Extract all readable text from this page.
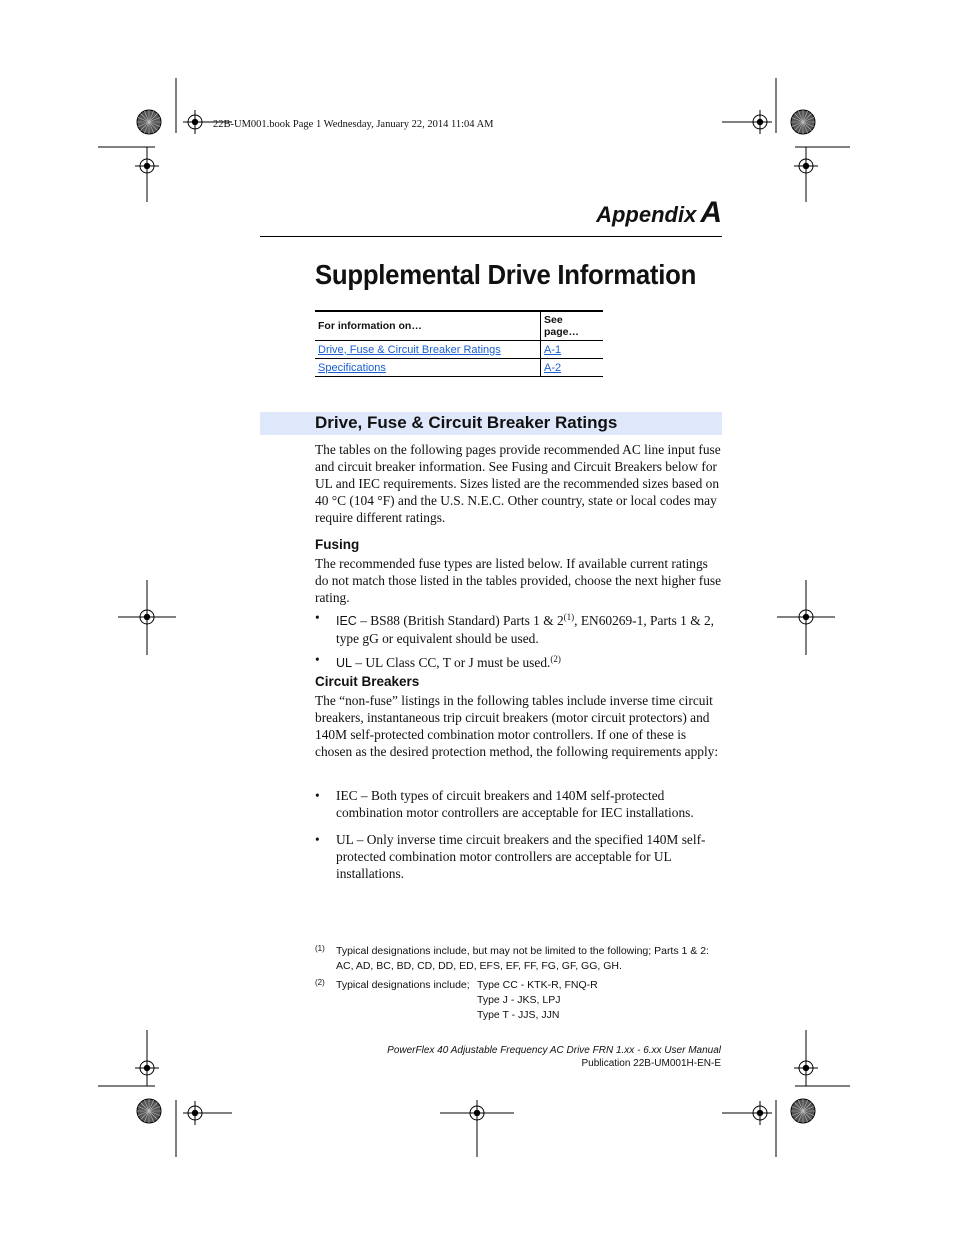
22B-UM001.book Page 1 Wednesday, January 22, 2014 11:04 AM
Appendix A
Supplemental Drive Information
For information on…	See page…
Drive, Fuse & Circuit Breaker Ratings	A-1
Specifications	A-2
Drive, Fuse & Circuit Breaker Ratings
The tables on the following pages provide recommended AC line input fuse and circuit breaker information. See Fusing and Circuit Breakers below for UL and IEC requirements. Sizes listed are the recommended sizes based on 40 °C (104 °F) and the U.S. N.E.C. Other country, state or local codes may require different ratings.
Fusing
The recommended fuse types are listed below. If available current ratings do not match those listed in the tables provided, choose the next higher fuse rating.
• IEC – BS88 (British Standard) Parts 1 & 2$^{(1)}$, EN60269-1, Parts 1 & 2, type gG or equivalent should be used.
• UL – UL Class CC, T or J must be used.$^{(2)}$
Circuit Breakers
The “non-fuse” listings in the following tables include inverse time circuit breakers, instantaneous trip circuit breakers (motor circuit protectors) and 140M self-protected combination motor controllers. If one of these is chosen as the desired protection method, the following requirements apply:
• IEC – Both types of circuit breakers and 140M self-protected combination motor controllers are acceptable for IEC installations.
• UL – Only inverse time circuit breakers and the specified 140M self-protected combination motor controllers are acceptable for UL installations.
(1) Typical designations include, but may not be limited to the following; Parts 1 & 2: AC, AD, BC, BD, CD, DD, ED, EFS, EF, FF, FG, GF, GG, GH.
(2) Typical designations include; Type CC - KTK-R, FNQ-R
Type J - JKS, LPJ
Type T - JJS, JJN
PowerFlex 40 Adjustable Frequency AC Drive FRN 1.xx - 6.xx User Manual
Publication 22B-UM001H-EN-E
